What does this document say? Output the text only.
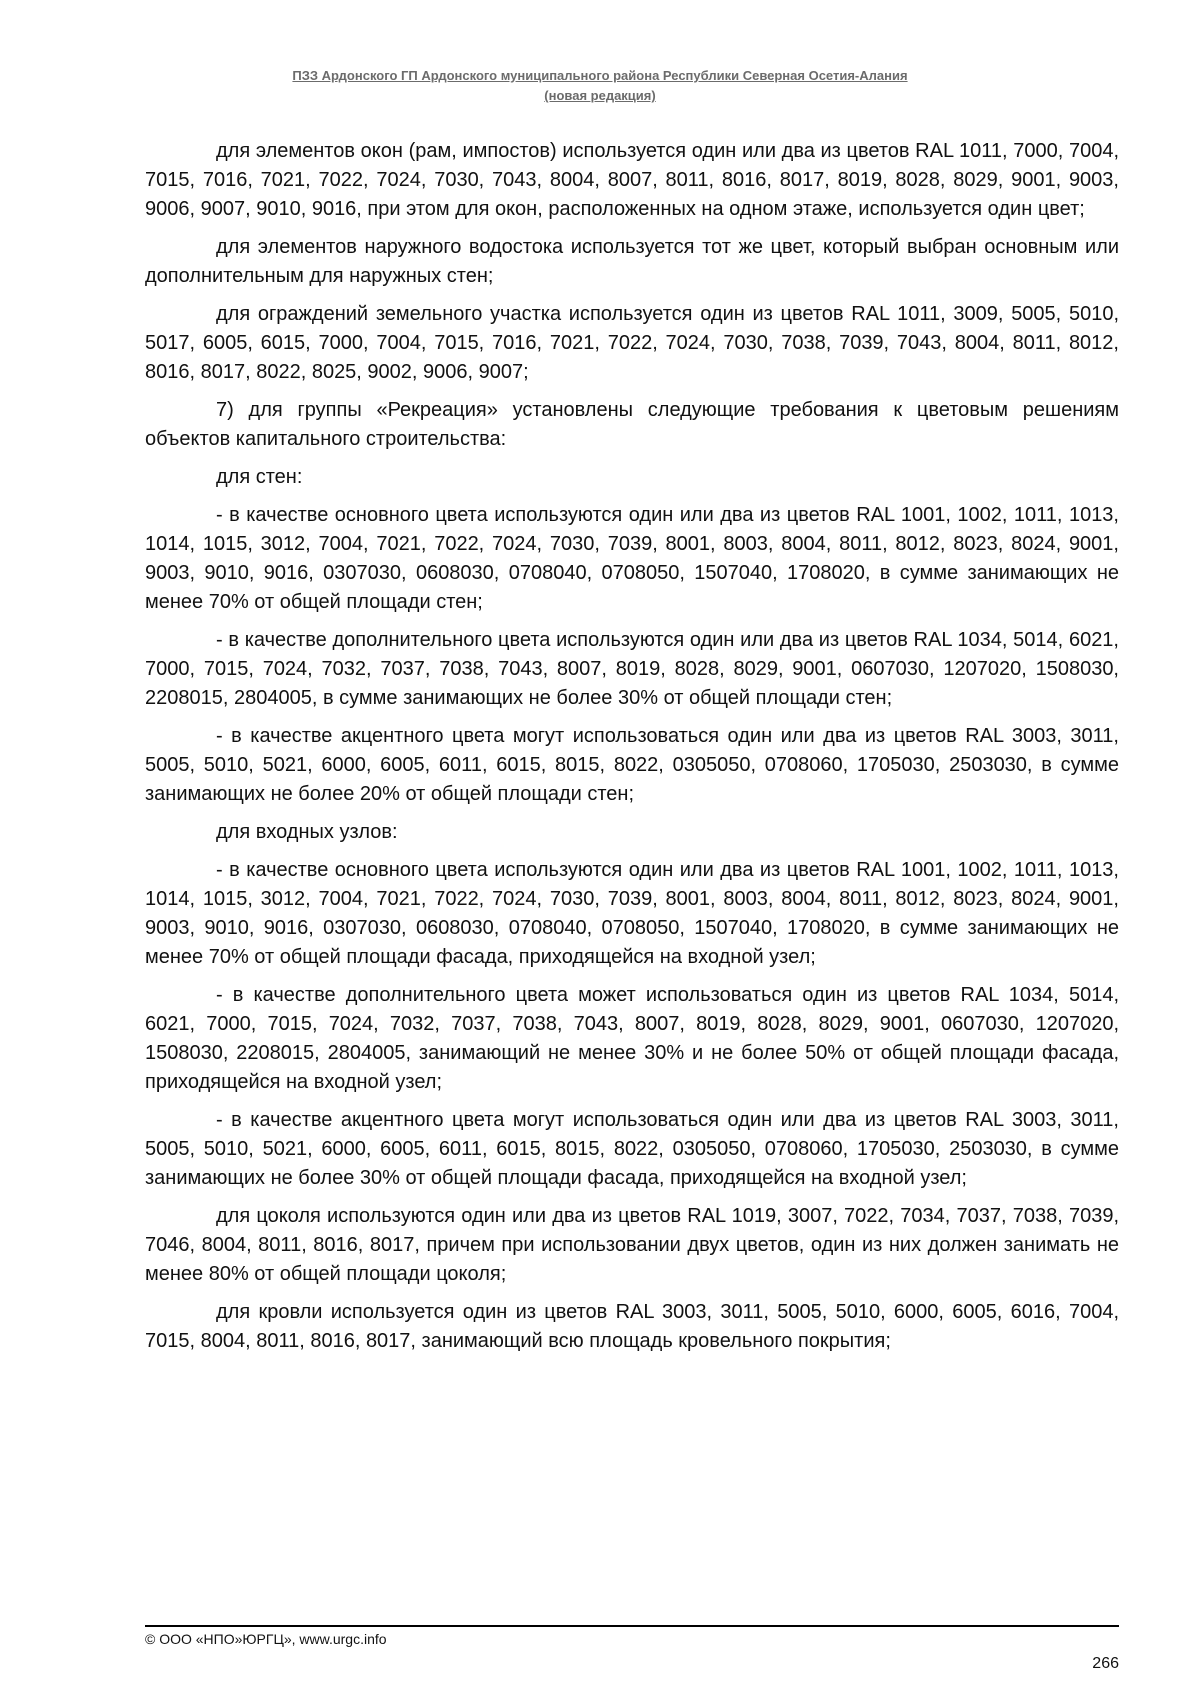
ПЗЗ Ардонского ГП Ардонского муниципального района Республики Северная Осетия-Алания
(новая редакция)

для элементов окон (рам, импостов) используется один или два из цветов RAL 1011, 7000, 7004, 7015, 7016, 7021, 7022, 7024, 7030, 7043, 8004, 8007, 8011, 8016, 8017, 8019, 8028, 8029, 9001, 9003, 9006, 9007, 9010, 9016, при этом для окон, расположенных на одном этаже, используется один цвет;

для элементов наружного водостока используется тот же цвет, который выбран основным или дополнительным для наружных стен;

для ограждений земельного участка используется один из цветов RAL 1011, 3009, 5005, 5010, 5017, 6005, 6015, 7000, 7004, 7015, 7016, 7021, 7022, 7024, 7030, 7038, 7039, 7043, 8004, 8011, 8012, 8016, 8017, 8022, 8025, 9002, 9006, 9007;

7) для группы «Рекреация» установлены следующие требования к цветовым решениям объектов капитального строительства:

для стен:

- в качестве основного цвета используются один или два из цветов RAL 1001, 1002, 1011, 1013, 1014, 1015, 3012, 7004, 7021, 7022, 7024, 7030, 7039, 8001, 8003, 8004, 8011, 8012, 8023, 8024, 9001, 9003, 9010, 9016, 0307030, 0608030, 0708040, 0708050, 1507040, 1708020, в сумме занимающих не менее 70% от общей площади стен;

- в качестве дополнительного цвета используются один или два из цветов RAL 1034, 5014, 6021, 7000, 7015, 7024, 7032, 7037, 7038, 7043, 8007, 8019, 8028, 8029, 9001, 0607030, 1207020, 1508030, 2208015, 2804005, в сумме занимающих не более 30% от общей площади стен;

- в качестве акцентного цвета могут использоваться один или два из цветов RAL 3003, 3011, 5005, 5010, 5021, 6000, 6005, 6011, 6015, 8015, 8022, 0305050, 0708060, 1705030, 2503030, в сумме занимающих не более 20% от общей площади стен;

для входных узлов:

- в качестве основного цвета используются один или два из цветов RAL 1001, 1002, 1011, 1013, 1014, 1015, 3012, 7004, 7021, 7022, 7024, 7030, 7039, 8001, 8003, 8004, 8011, 8012, 8023, 8024, 9001, 9003, 9010, 9016, 0307030, 0608030, 0708040, 0708050, 1507040, 1708020, в сумме занимающих не менее 70% от общей площади фасада, приходящейся на входной узел;

- в качестве дополнительного цвета может использоваться один из цветов RAL 1034, 5014, 6021, 7000, 7015, 7024, 7032, 7037, 7038, 7043, 8007, 8019, 8028, 8029, 9001, 0607030, 1207020, 1508030, 2208015, 2804005, занимающий не менее 30% и не более 50% от общей площади фасада, приходящейся на входной узел;

- в качестве акцентного цвета могут использоваться один или два из цветов RAL 3003, 3011, 5005, 5010, 5021, 6000, 6005, 6011, 6015, 8015, 8022, 0305050, 0708060, 1705030, 2503030, в сумме занимающих не более 30% от общей площади фасада, приходящейся на входной узел;

для цоколя используются один или два из цветов RAL 1019, 3007, 7022, 7034, 7037, 7038, 7039, 7046, 8004, 8011, 8016, 8017, причем при использовании двух цветов, один из них должен занимать не менее 80% от общей площади цоколя;

для кровли используется один из цветов RAL 3003, 3011, 5005, 5010, 6000, 6005, 6016, 7004, 7015, 8004, 8011, 8016, 8017, занимающий всю площадь кровельного покрытия;

© ООО «НПО»ЮРГЦ», www.urgc.info
266
